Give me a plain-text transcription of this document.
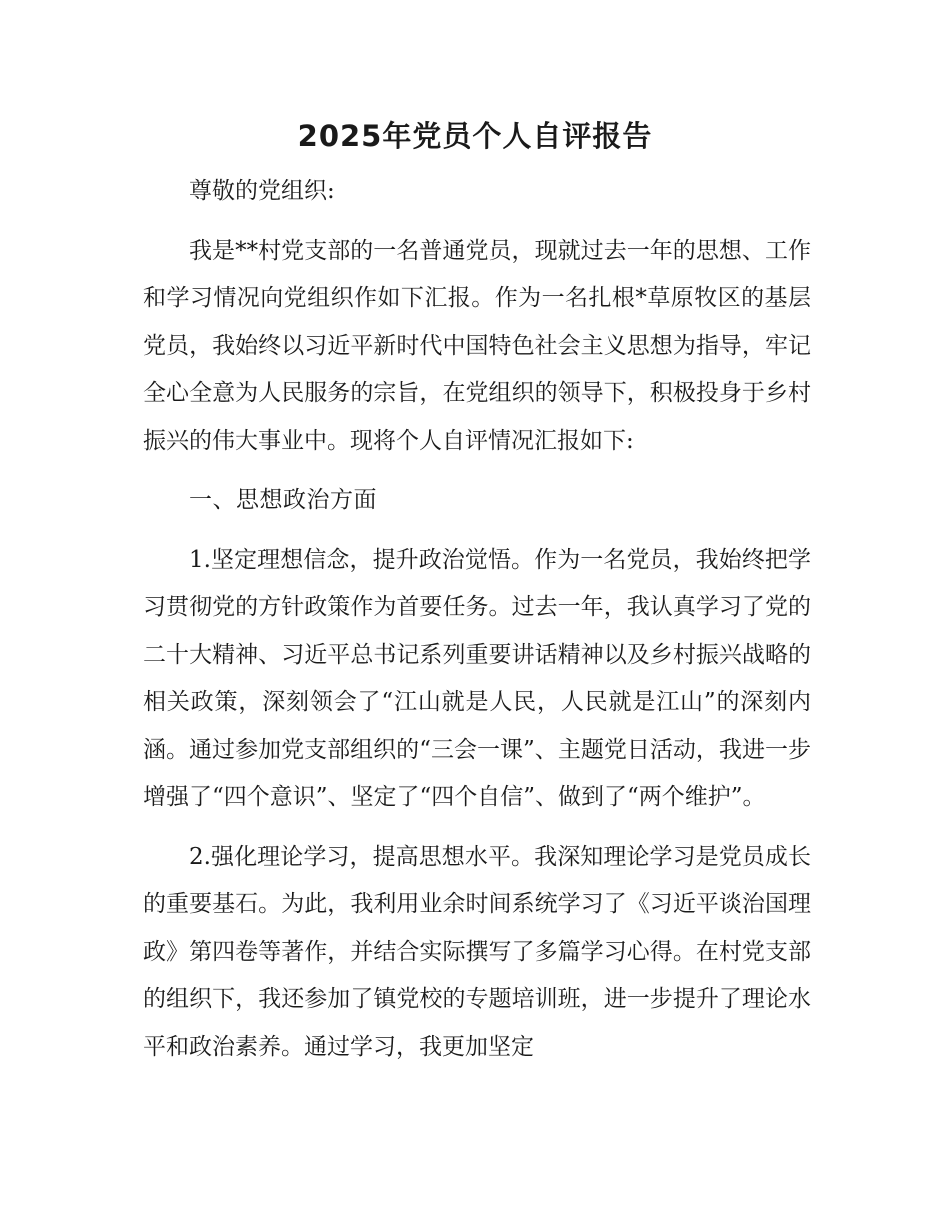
2025年党员个人自评报告

尊敬的党组织:

我是**村党支部的一名普通党员，现就过去一年的思想、工作和学习情况向党组织作如下汇报。作为一名扎根*草原牧区的基层党员，我始终以习近平新时代中国特色社会主义思想为指导，牢记全心全意为人民服务的宗旨，在党组织的领导下，积极投身于乡村振兴的伟大事业中。现将个人自评情况汇报如下:

一、思想政治方面

1.坚定理想信念，提升政治觉悟。作为一名党员，我始终把学习贯彻党的方针政策作为首要任务。过去一年，我认真学习了党的二十大精神、习近平总书记系列重要讲话精神以及乡村振兴战略的相关政策，深刻领会了“江山就是人民，人民就是江山”的深刻内涵。通过参加党支部组织的“三会一课”、主题党日活动，我进一步增强了“四个意识”、坚定了“四个自信”、做到了“两个维护”。

2.强化理论学习，提高思想水平。我深知理论学习是党员成长的重要基石。为此，我利用业余时间系统学习了《习近平谈治国理政》第四卷等著作，并结合实际撰写了多篇学习心得。在村党支部的组织下，我还参加了镇党校的专题培训班，进一步提升了理论水平和政治素养。通过学习，我更加坚定
